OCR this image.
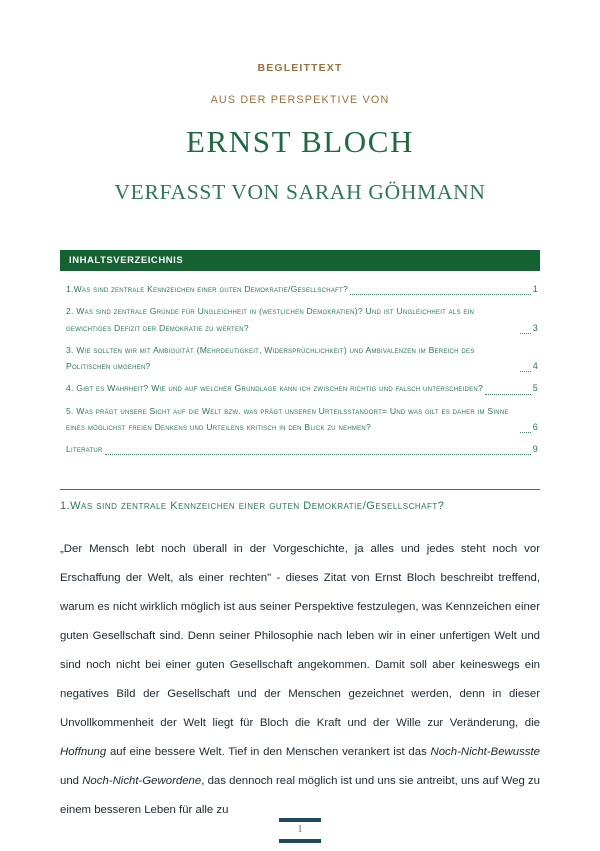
BEGLEITTEXT
AUS DER PERSPEKTIVE VON
ERNST BLOCH
VERFASST VON SARAH GÖHMANN
INHALTSVERZEICHNIS
1.Was sind zentrale Kennzeichen einer guten Demokratie/Gesellschaft?	1
2. Was sind zentrale Gründe für Ungleichheit in (westlichen Demokratien)? Und ist Ungleichheit als ein gewichtiges Defizit der Demokratie zu werten?	3
3. Wie sollten wir mit Ambiguität (Mehrdeutigkeit, Widersprüchlichkeit) und Ambivalenzen im Bereich des Politischen umgehen?	4
4. Gibt es Wahrheit? Wie und auf welcher Grundlage kann ich zwischen richtig und falsch unterscheiden?	5
5. Was prägt unsere Sicht auf die Welt bzw. was prägt unseren Urteilsstandort= Und was gilt es daher im Sinne eines möglichst freien Denkens und Urteilens kritisch in den Blick zu nehmen?	6
Literatur	9
1.Was sind zentrale Kennzeichen einer guten Demokratie/Gesellschaft?
„Der Mensch lebt noch überall in der Vorgeschichte, ja alles und jedes steht noch vor Erschaffung der Welt, als einer rechten" - dieses Zitat von Ernst Bloch beschreibt treffend, warum es nicht wirklich möglich ist aus seiner Perspektive festzulegen, was Kennzeichen einer guten Gesellschaft sind. Denn seiner Philosophie nach leben wir in einer unfertigen Welt und sind noch nicht bei einer guten Gesellschaft angekommen. Damit soll aber keineswegs ein negatives Bild der Gesellschaft und der Menschen gezeichnet werden, denn in dieser Unvollkommenheit der Welt liegt für Bloch die Kraft und der Wille zur Veränderung, die Hoffnung auf eine bessere Welt. Tief in den Menschen verankert ist das Noch-Nicht-Bewusste und Noch-Nicht-Gewordene, das dennoch real möglich ist und uns sie antreibt, uns auf Weg zu einem besseren Leben für alle zu
1
